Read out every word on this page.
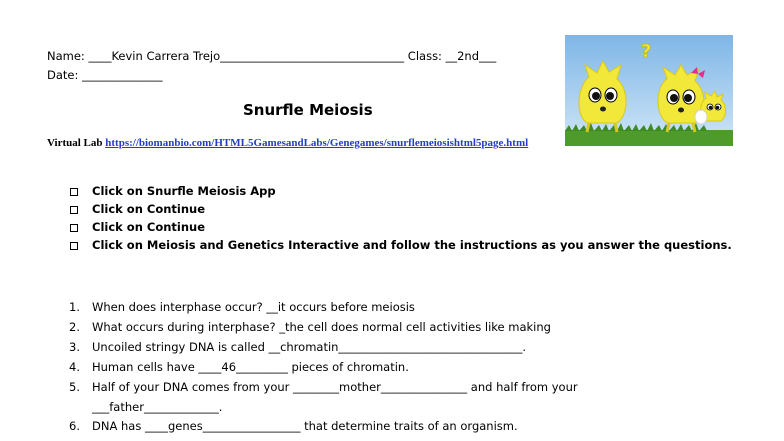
Name: ____Kevin Carrera Trejo________________________________ Class: __2nd___
Date: ______________
Snurfle Meiosis
Virtual Lab https://biomanbio.com/HTML5GamesandLabs/Genegames/snurflemeiosishtml5page.html
Click on Snurfle Meiosis App
Click on Continue
Click on Continue
Click on Meiosis and Genetics Interactive and follow the instructions as you answer the questions.
1. When does interphase occur? __it occurs before meiosis
2. What occurs during interphase? _the cell does normal cell activities like making
3. Uncoiled stringy DNA is called __chromatin________________________________.
4. Human cells have ____46_________ pieces of chromatin.
5. Half of your DNA comes from your ________mother_______________ and half from your
___father_____________.
6. DNA has ____genes_________________ that determine traits of an organism.
?
